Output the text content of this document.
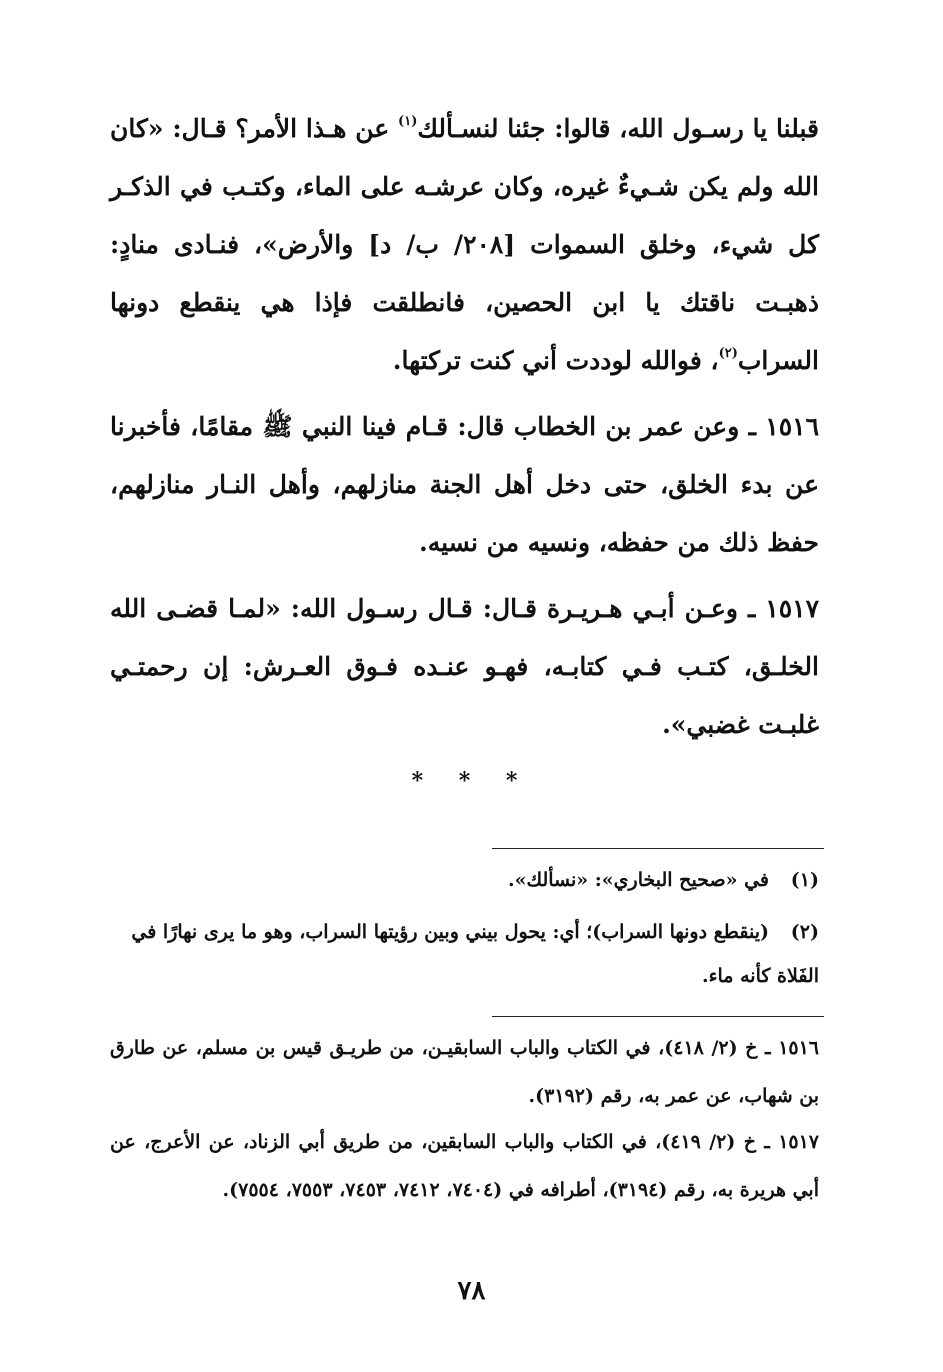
قبلنا يا رسـول الله، قالوا: جئنا لنسـألك$^{(١)}$ عن هـذا الأمر؟ قـال: «كان الله ولم يكن شـيءٌ غيره، وكان عرشـه على الماء، وكتـب في الذكـر كل شيء، وخلق السموات [٢٠٨/ ب/ د] والأرض»، فنـادى منادٍ: ذهبـت ناقتك يا ابن الحصين، فانطلقت فإذا هي ينقطع دونها السراب$^{(٢)}$، فوالله لوددت أني كنت تركتها.

١٥١٦ ـ وعن عمر بن الخطاب قال: قـام فينا النبي ﷺ مقامًا، فأخبرنا عن بدء الخلق، حتى دخل أهل الجنة منازلهم، وأهل النـار منازلهم، حفظ ذلك من حفظه، ونسيه من نسيه.

١٥١٧ ـ وعـن أبـي هـريـرة قـال: قـال رسـول الله: «لمـا قضـى الله الخلـق، كتـب فـي كتابـه، فهـو عنـده فـوق العـرش: إن رحمتـي غلبـت غضبي».

* * *
(١)في «صحيح البخاري»: «نسألك».
(٢)(ينقطع دونها السراب)؛ أي: يحول بيني وبين رؤيتها السراب، وهو ما يرى نهارًا في الفَلاة كأنه ماء.
١٥١٦ ـ خ (٢/ ٤١٨)، في الكتاب والباب السابقيـن، من طريـق قيس بن مسلم، عن طارق بن شهاب، عن عمر به، رقم (٣١٩٢).
١٥١٧ ـ خ (٢/ ٤١٩)، في الكتاب والباب السابقين، من طريق أبي الزناد، عن الأعرج، عن أبي هريرة به، رقم (٣١٩٤)، أطرافه في (٧٤٠٤، ٧٤١٢، ٧٤٥٣، ٧٥٥٣، ٧٥٥٤).
٧٨
